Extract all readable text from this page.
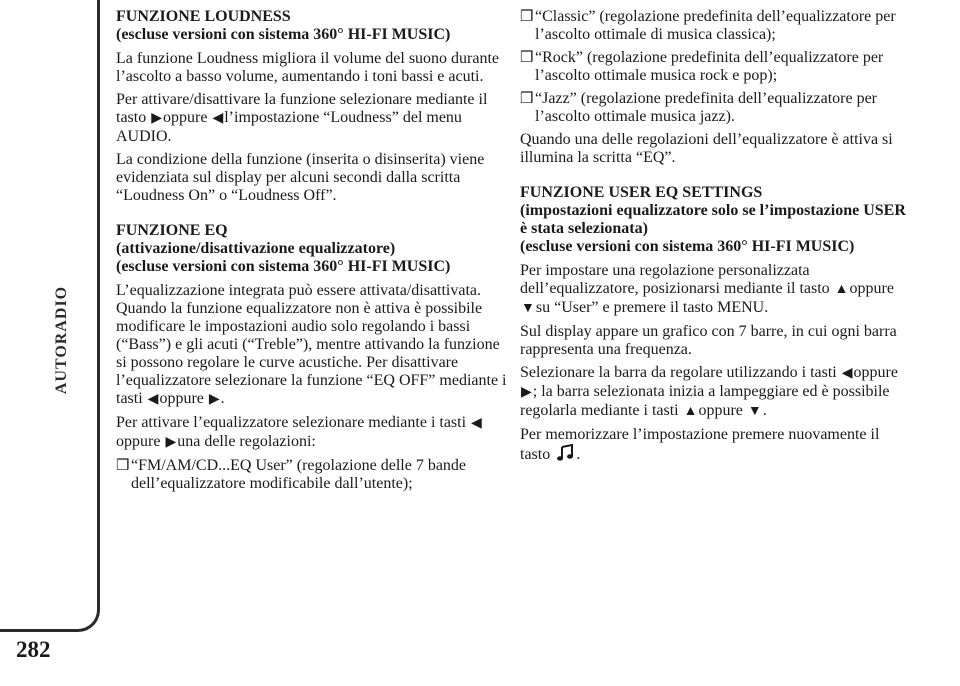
AUTORADIO
282
FUNZIONE LOUDNESS
(escluse versioni con sistema 360° HI-FI MUSIC)

La funzione Loudness migliora il volume del suono durante l’ascolto a basso volume, aumentando i toni bassi e acuti.

Per attivare/disattivare la funzione selezionare mediante il tasto ▶oppure ◀l’impostazione “Loudness” del menu AUDIO.

La condizione della funzione (inserita o disinserita) viene evidenziata sul display per alcuni secondi dalla scritta “Loudness On” o “Loudness Off”.

FUNZIONE EQ
(attivazione/disattivazione equalizzatore)
(escluse versioni con sistema 360° HI-FI MUSIC)

L’equalizzazione integrata può essere attivata/disattivata. Quando la funzione equalizzatore non è attiva è possibile modificare le impostazioni audio solo regolando i bassi (“Bass”) e gli acuti (“Treble”), mentre attivando la funzione si possono regolare le curve acustiche. Per disattivare l’equalizzatore selezionare la funzione “EQ OFF” mediante i tasti ◀oppure ▶.

Per attivare l’equalizzatore selezionare mediante i tasti ◀oppure ▶una delle regolazioni:

❒ “FM/AM/CD...EQ User” (regolazione delle 7 bande dell’equalizzatore modificabile dall’utente);
❒ “Classic” (regolazione predefinita dell’equalizzatore per l’ascolto ottimale di musica classica);
❒ “Rock” (regolazione predefinita dell’equalizzatore per l’ascolto ottimale musica rock e pop);
❒ “Jazz” (regolazione predefinita dell’equalizzatore per l’ascolto ottimale musica jazz).

Quando una delle regolazioni dell’equalizzatore è attiva si illumina la scritta “EQ”.

FUNZIONE USER EQ SETTINGS
(impostazioni equalizzatore solo se l’impostazione USER è stata selezionata)
(escluse versioni con sistema 360° HI-FI MUSIC)

Per impostare una regolazione personalizzata dell’equalizzatore, posizionarsi mediante il tasto ▲oppure ▼su “User” e premere il tasto MENU.

Sul display appare un grafico con 7 barre, in cui ogni barra rappresenta una frequenza.

Selezionare la barra da regolare utilizzando i tasti ◀oppure ▶; la barra selezionata inizia a lampeggiare ed è possibile regolarla mediante i tasti ▲oppure ▼.

Per memorizzare l’impostazione premere nuovamente il tasto .
